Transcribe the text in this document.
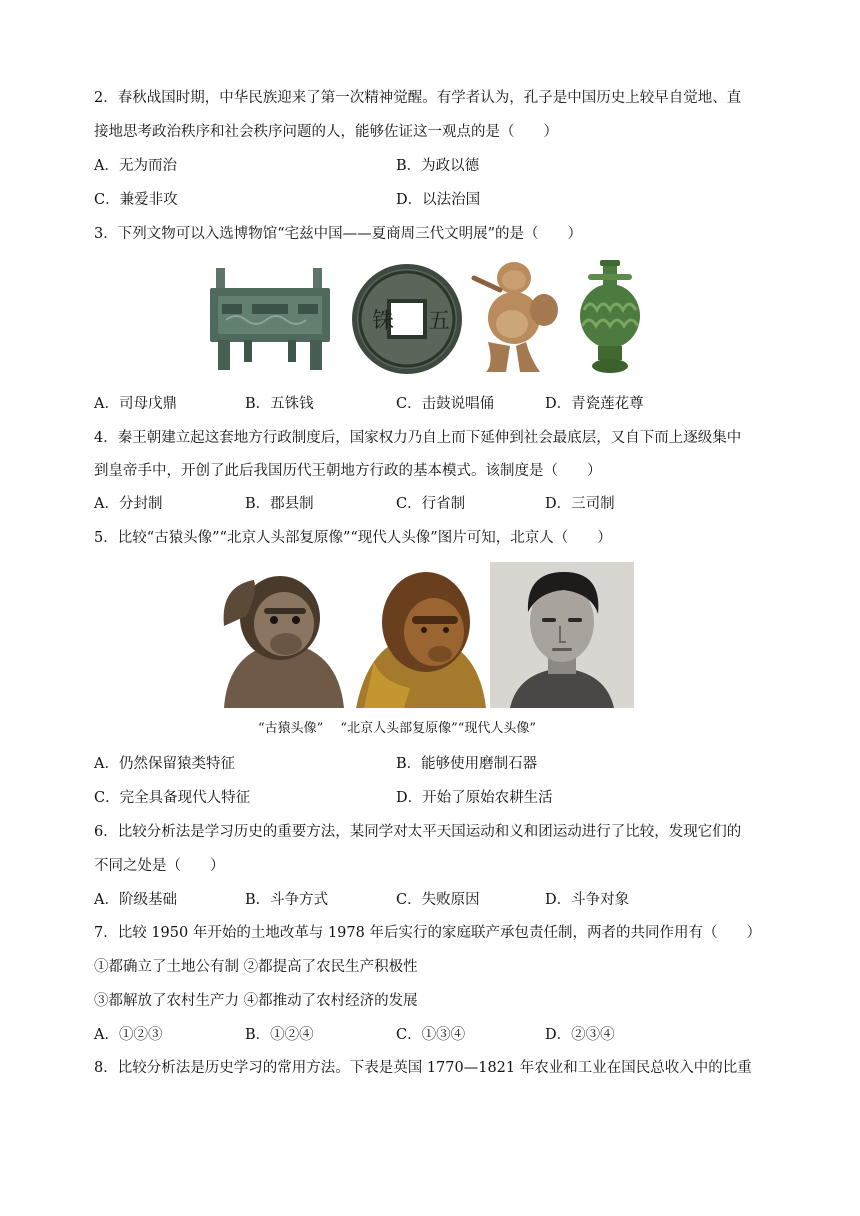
2．春秋战国时期，中华民族迎来了第一次精神觉醒。有学者认为，孔子是中国历史上较早自觉地、直
接地思考政治秩序和社会秩序问题的人，能够佐证这一观点的是（　　）
A．无为而治	B．为政以德
C．兼爱非攻	D．以法治国
3．下列文物可以入选博物馆“宅兹中国——夏商周三代文明展”的是（　　）
铢 五
A．司母戊鼎	B．五铢钱	C．击鼓说唱俑	D．青瓷莲花尊
4．秦王朝建立起这套地方行政制度后，国家权力乃自上而下延伸到社会最底层，又自下而上逐级集中
到皇帝手中，开创了此后我国历代王朝地方行政的基本模式。该制度是（　　）
A．分封制	B．郡县制	C．行省制	D．三司制
5．比较“古猿头像”“北京人头部复原像”“现代人头像”图片可知，北京人（　　）
“古猿头像”　 “北京人头部复原像”“现代人头像”
A．仍然保留猿类特征	B．能够使用磨制石器
C．完全具备现代人特征	D．开始了原始农耕生活
6．比较分析法是学习历史的重要方法，某同学对太平天国运动和义和团运动进行了比较，发现它们的
不同之处是（　　）
A．阶级基础	B．斗争方式	C．失败原因	D．斗争对象
7．比较 1950 年开始的土地改革与 1978 年后实行的家庭联产承包责任制，两者的共同作用有（　　）
①都确立了土地公有制 ②都提高了农民生产积极性
③都解放了农村生产力 ④都推动了农村经济的发展
A．①②③	B．①②④	C．①③④	D．②③④
8．比较分析法是历史学习的常用方法。下表是英国 1770—1821 年农业和工业在国民总收入中的比重
